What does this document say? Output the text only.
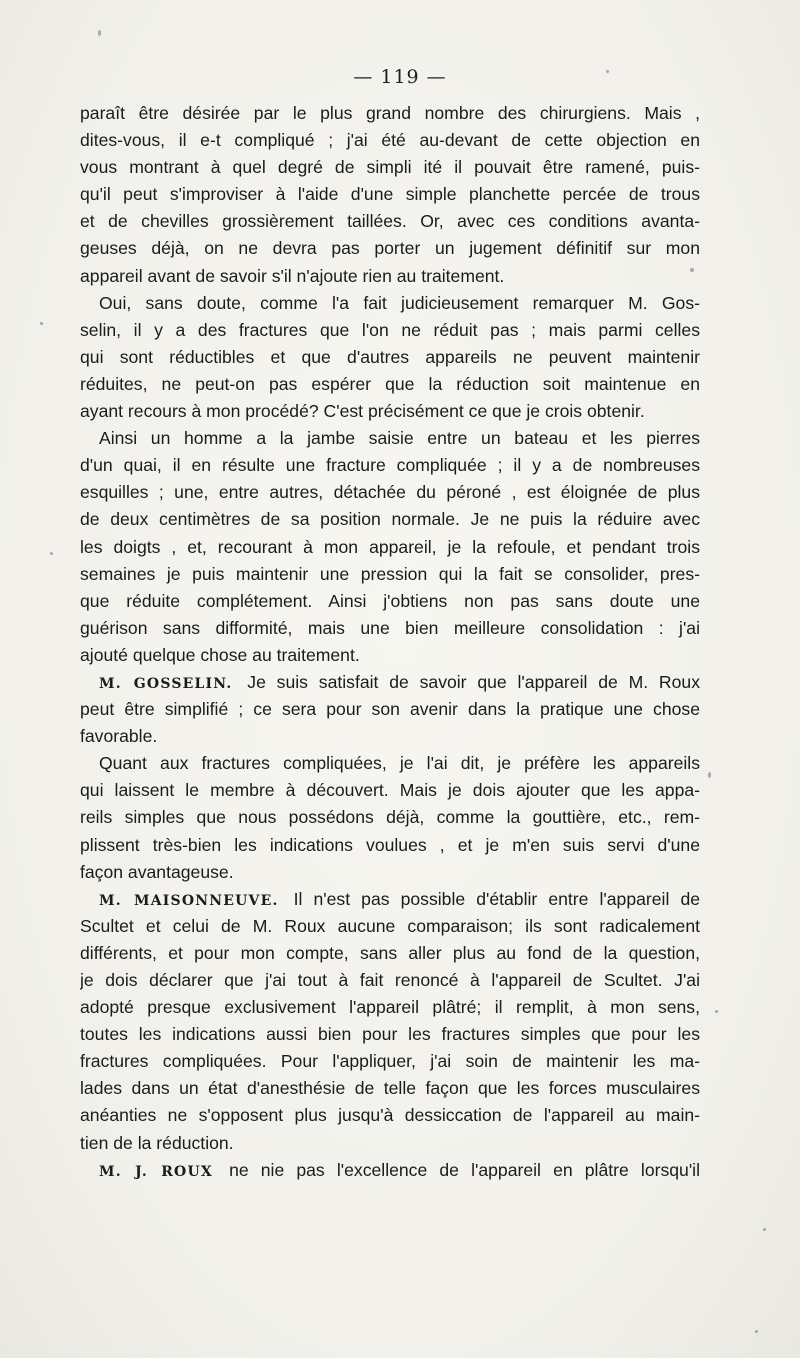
— 119 —
paraît être désirée par le plus grand nombre des chirurgiens. Mais ,
dites-vous, il e-t compliqué ; j'ai été au-devant de cette objection en
vous montrant à quel degré de simpli ité il pouvait être ramené, puis-
qu'il peut s'improviser à l'aide d'une simple planchette percée de trous
et de chevilles grossièrement taillées. Or, avec ces conditions avanta-
geuses déjà, on ne devra pas porter un jugement définitif sur mon
appareil avant de savoir s'il n'ajoute rien au traitement.
Oui, sans doute, comme l'a fait judicieusement remarquer M. Gos-
selin, il y a des fractures que l'on ne réduit pas ; mais parmi celles
qui sont réductibles et que d'autres appareils ne peuvent maintenir
réduites, ne peut-on pas espérer que la réduction soit maintenue en
ayant recours à mon procédé? C'est précisément ce que je crois obtenir.
Ainsi un homme a la jambe saisie entre un bateau et les pierres
d'un quai, il en résulte une fracture compliquée ; il y a de nombreuses
esquilles ; une, entre autres, détachée du péroné , est éloignée de plus
de deux centimètres de sa position normale. Je ne puis la réduire avec
les doigts , et, recourant à mon appareil, je la refoule, et pendant trois
semaines je puis maintenir une pression qui la fait se consolider, pres-
que réduite complétement. Ainsi j'obtiens non pas sans doute une
guérison sans difformité, mais une bien meilleure consolidation : j'ai
ajouté quelque chose au traitement.
M. GOSSELIN. Je suis satisfait de savoir que l'appareil de M. Roux
peut être simplifié ; ce sera pour son avenir dans la pratique une chose
favorable.
Quant aux fractures compliquées, je l'ai dit, je préfère les appareils
qui laissent le membre à découvert. Mais je dois ajouter que les appa-
reils simples que nous possédons déjà, comme la gouttière, etc., rem-
plissent très-bien les indications voulues , et je m'en suis servi d'une
façon avantageuse.
M. MAISONNEUVE. Il n'est pas possible d'établir entre l'appareil de
Scultet et celui de M. Roux aucune comparaison; ils sont radicalement
différents, et pour mon compte, sans aller plus au fond de la question,
je dois déclarer que j'ai tout à fait renoncé à l'appareil de Scultet. J'ai
adopté presque exclusivement l'appareil plâtré; il remplit, à mon sens,
toutes les indications aussi bien pour les fractures simples que pour les
fractures compliquées. Pour l'appliquer, j'ai soin de maintenir les ma-
lades dans un état d'anesthésie de telle façon que les forces musculaires
anéanties ne s'opposent plus jusqu'à dessiccation de l'appareil au main-
tien de la réduction.
M. J. ROUX ne nie pas l'excellence de l'appareil en plâtre lorsqu'il
